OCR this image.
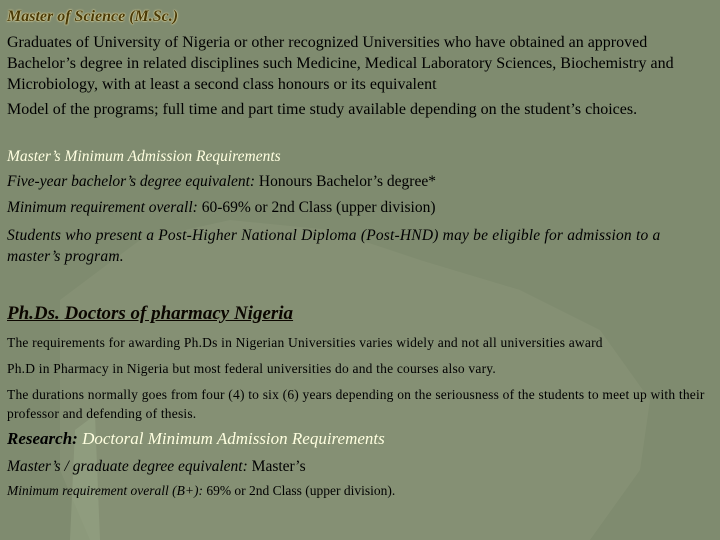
Master of Science (M.Sc.)

Graduates of University of Nigeria or other recognized Universities who have obtained an approved Bachelor’s degree in related disciplines such Medicine, Medical Laboratory Sciences, Biochemistry and Microbiology, with at least a second class honours or its equivalent

Model of the programs; full time and part time study available depending on the student’s choices.

Master’s Minimum Admission Requirements

Five-year bachelor’s degree equivalent: Honours Bachelor’s degree*

Minimum requirement overall: 60-69% or 2nd Class (upper division)

Students who present a Post-Higher National Diploma (Post-HND) may be eligible for admission to a master’s program.

Ph.Ds. Doctors of pharmacy Nigeria

The requirements for awarding Ph.Ds in Nigerian Universities varies widely and not all universities award

Ph.D in Pharmacy in Nigeria but most federal universities do and the courses also vary.

The durations normally goes from four (4) to six (6) years depending on the seriousness of the students to meet up with their professor and defending of thesis.

Research: Doctoral Minimum Admission Requirements

Master’s / graduate degree equivalent: Master’s

Minimum requirement overall (B+): 69% or 2nd Class (upper division).
